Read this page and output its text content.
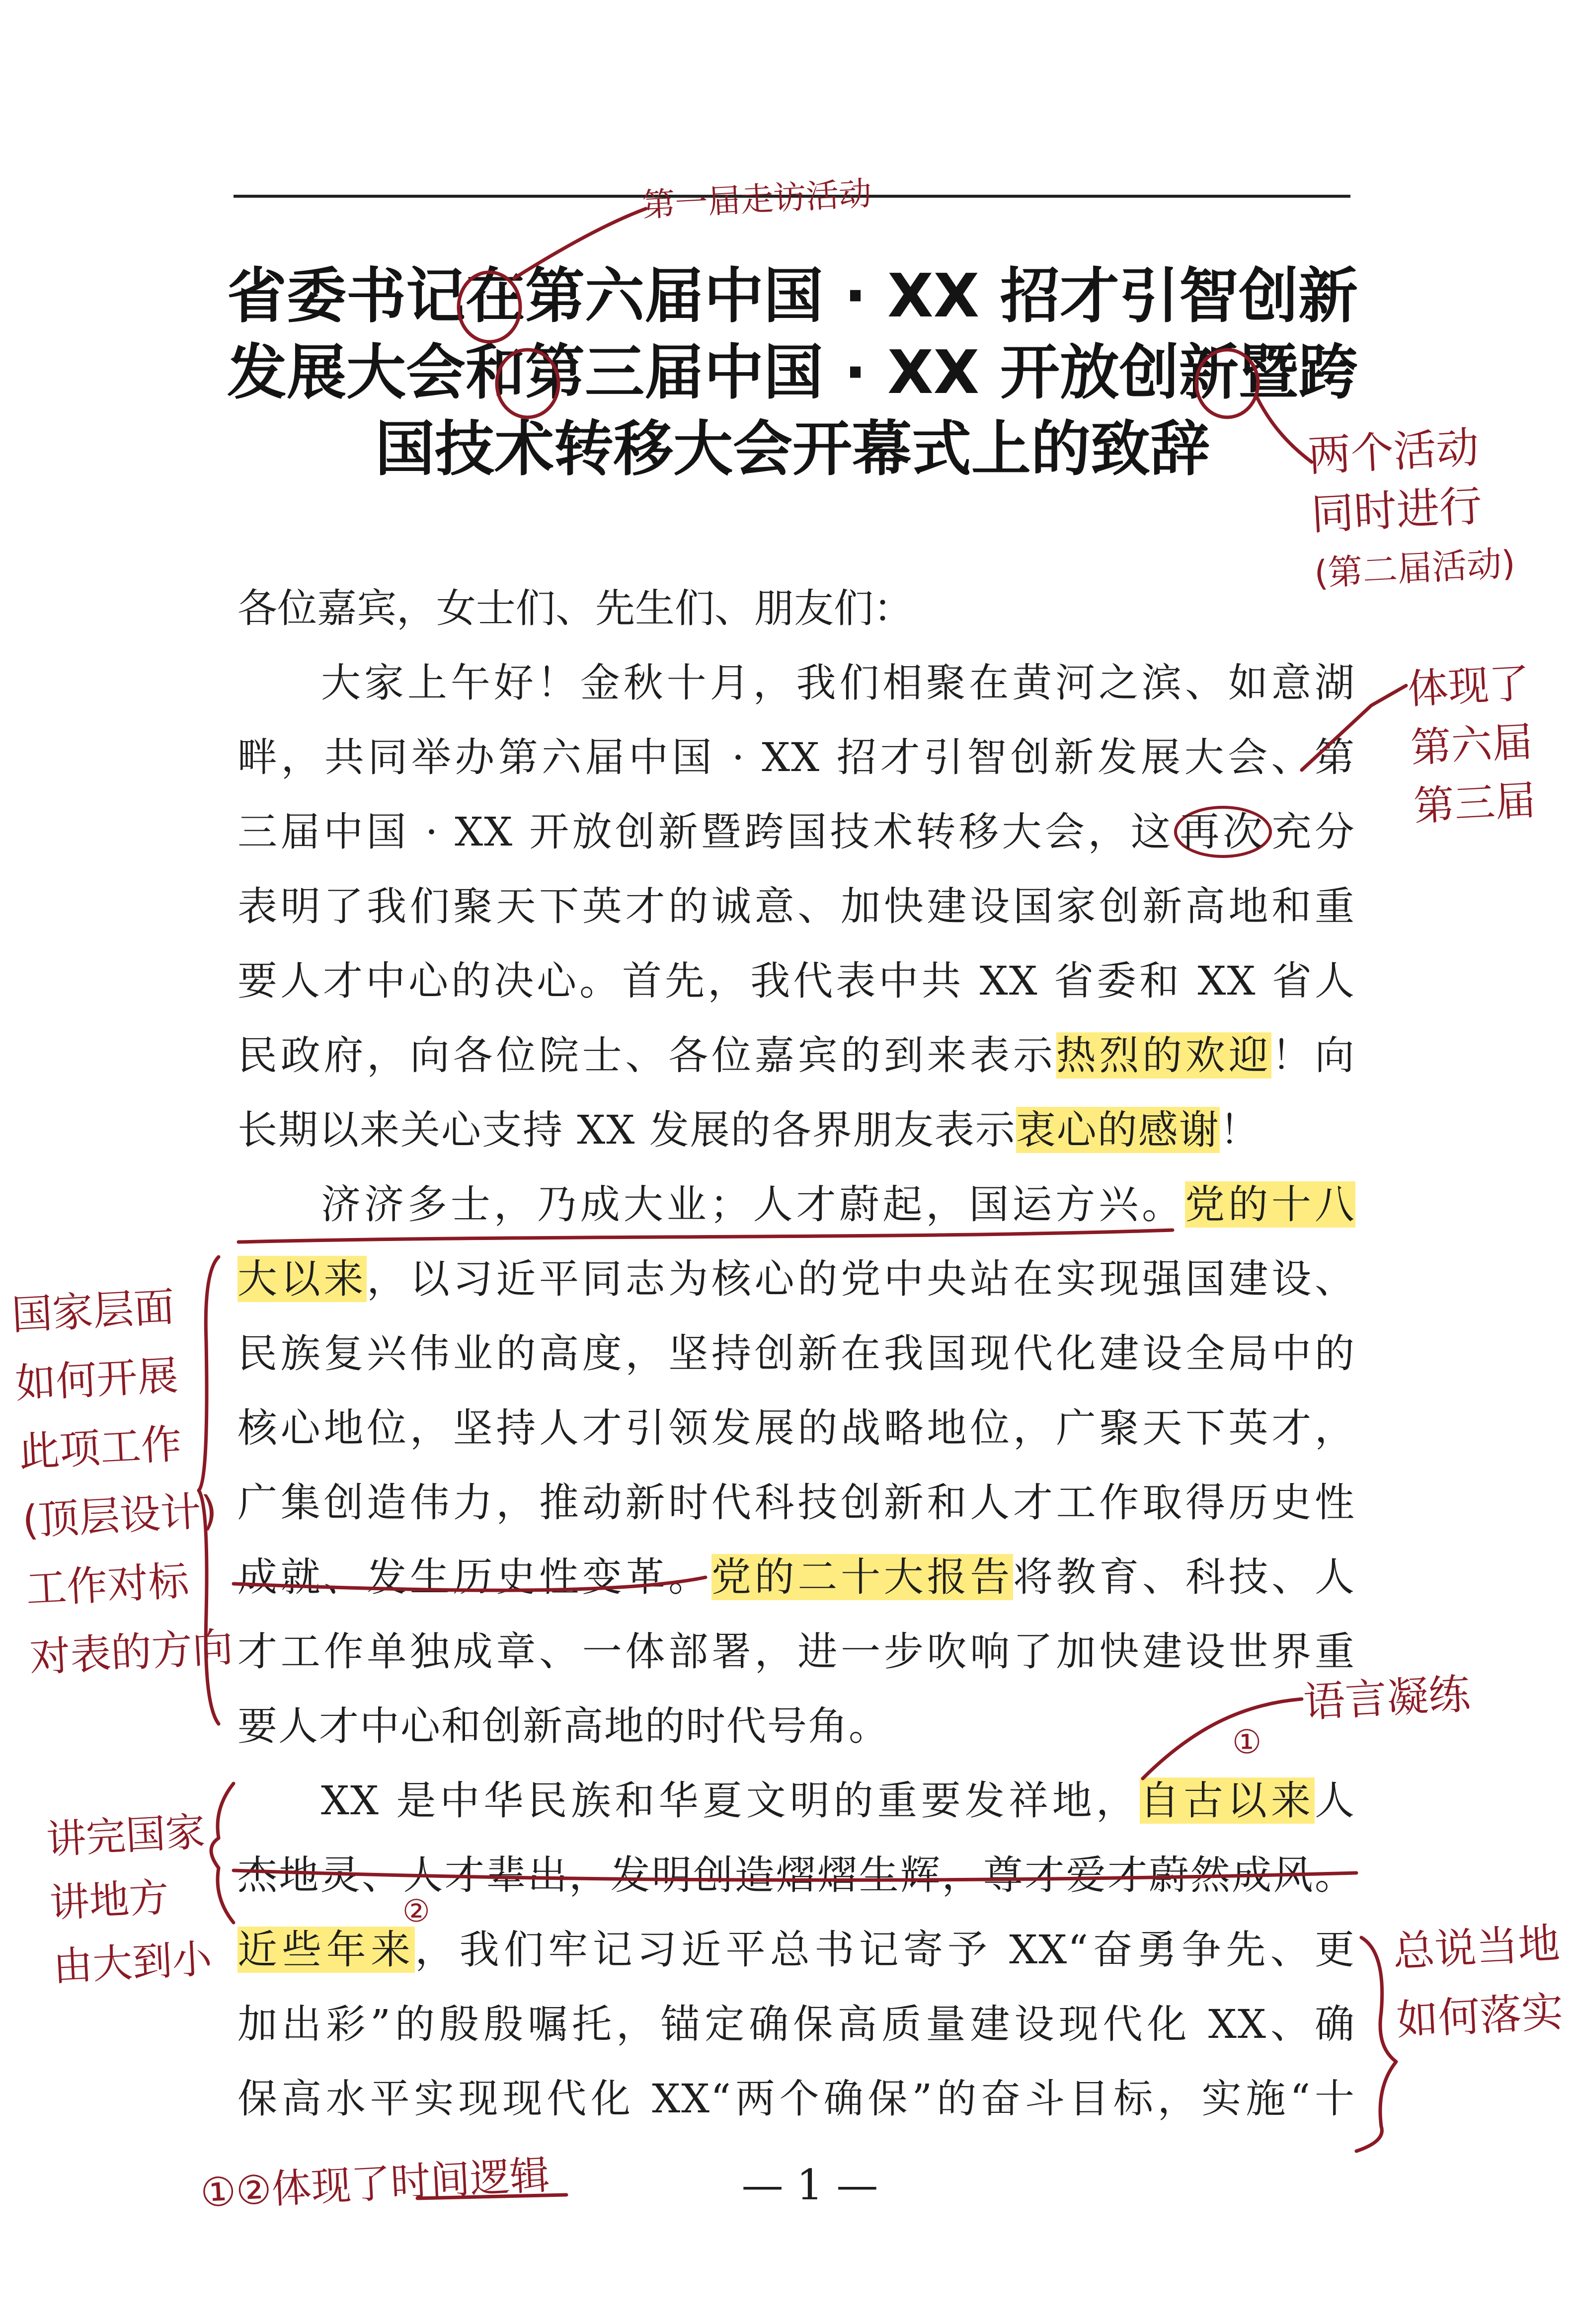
省委书记在第六届中国 · XX 招才引智创新
发展大会和第三届中国 · XX 开放创新暨跨
国技术转移大会开幕式上的致辞
各位嘉宾，女士们、先生们、朋友们：
大家上午好！金秋十月，我们相聚在黄河之滨、如意湖
畔，共同举办第六届中国 · XX 招才引智创新发展大会、第
三届中国 · XX 开放创新暨跨国技术转移大会，这 再次 充分
表明了我们聚天下英才的诚意、加快建设国家创新高地和重
要人才中心的决心。首先，我代表中共 XX 省委和 XX 省人
民政府，向各位院士、各位嘉宾的到来表示热烈的欢迎！向
长期以来关心支持 XX 发展的各界朋友表示衷心的感谢！
济济多士，乃成大业；人才蔚起，国运方兴。党的十八
大以来，以习近平同志为核心的党中央站在实现强国建设、
民族复兴伟业的高度，坚持创新在我国现代化建设全局中的
核心地位，坚持人才引领发展的战略地位，广聚天下英才，
广集创造伟力，推动新时代科技创新和人才工作取得历史性
成就、发生历史性变革。党的二十大报告将教育、科技、人
才工作单独成章、一体部署，进一步吹响了加快建设世界重
要人才中心和创新高地的时代号角。
XX 是中华民族和华夏文明的重要发祥地，自古以来人
杰地灵、人才辈出，发明创造熠熠生辉，尊才爱才蔚然成风。
近些年来，我们牢记习近平总书记寄予 XX“奋勇争先、更
加出彩”的殷殷嘱托，锚定确保高质量建设现代化 XX、确
保高水平实现现代化 XX“两个确保”的奋斗目标，实施“十
— 1 —
第一届走访活动
两个活动
同时进行
(第二届活动)
体现了
第六届
第三届
国家层面
如何开展
此项工作
(顶层设计)
工作对标
对表的方向
语言凝练
①
②
讲完国家
讲地方
由大到小	总说当地
如何落实
①②体现了时间逻辑
